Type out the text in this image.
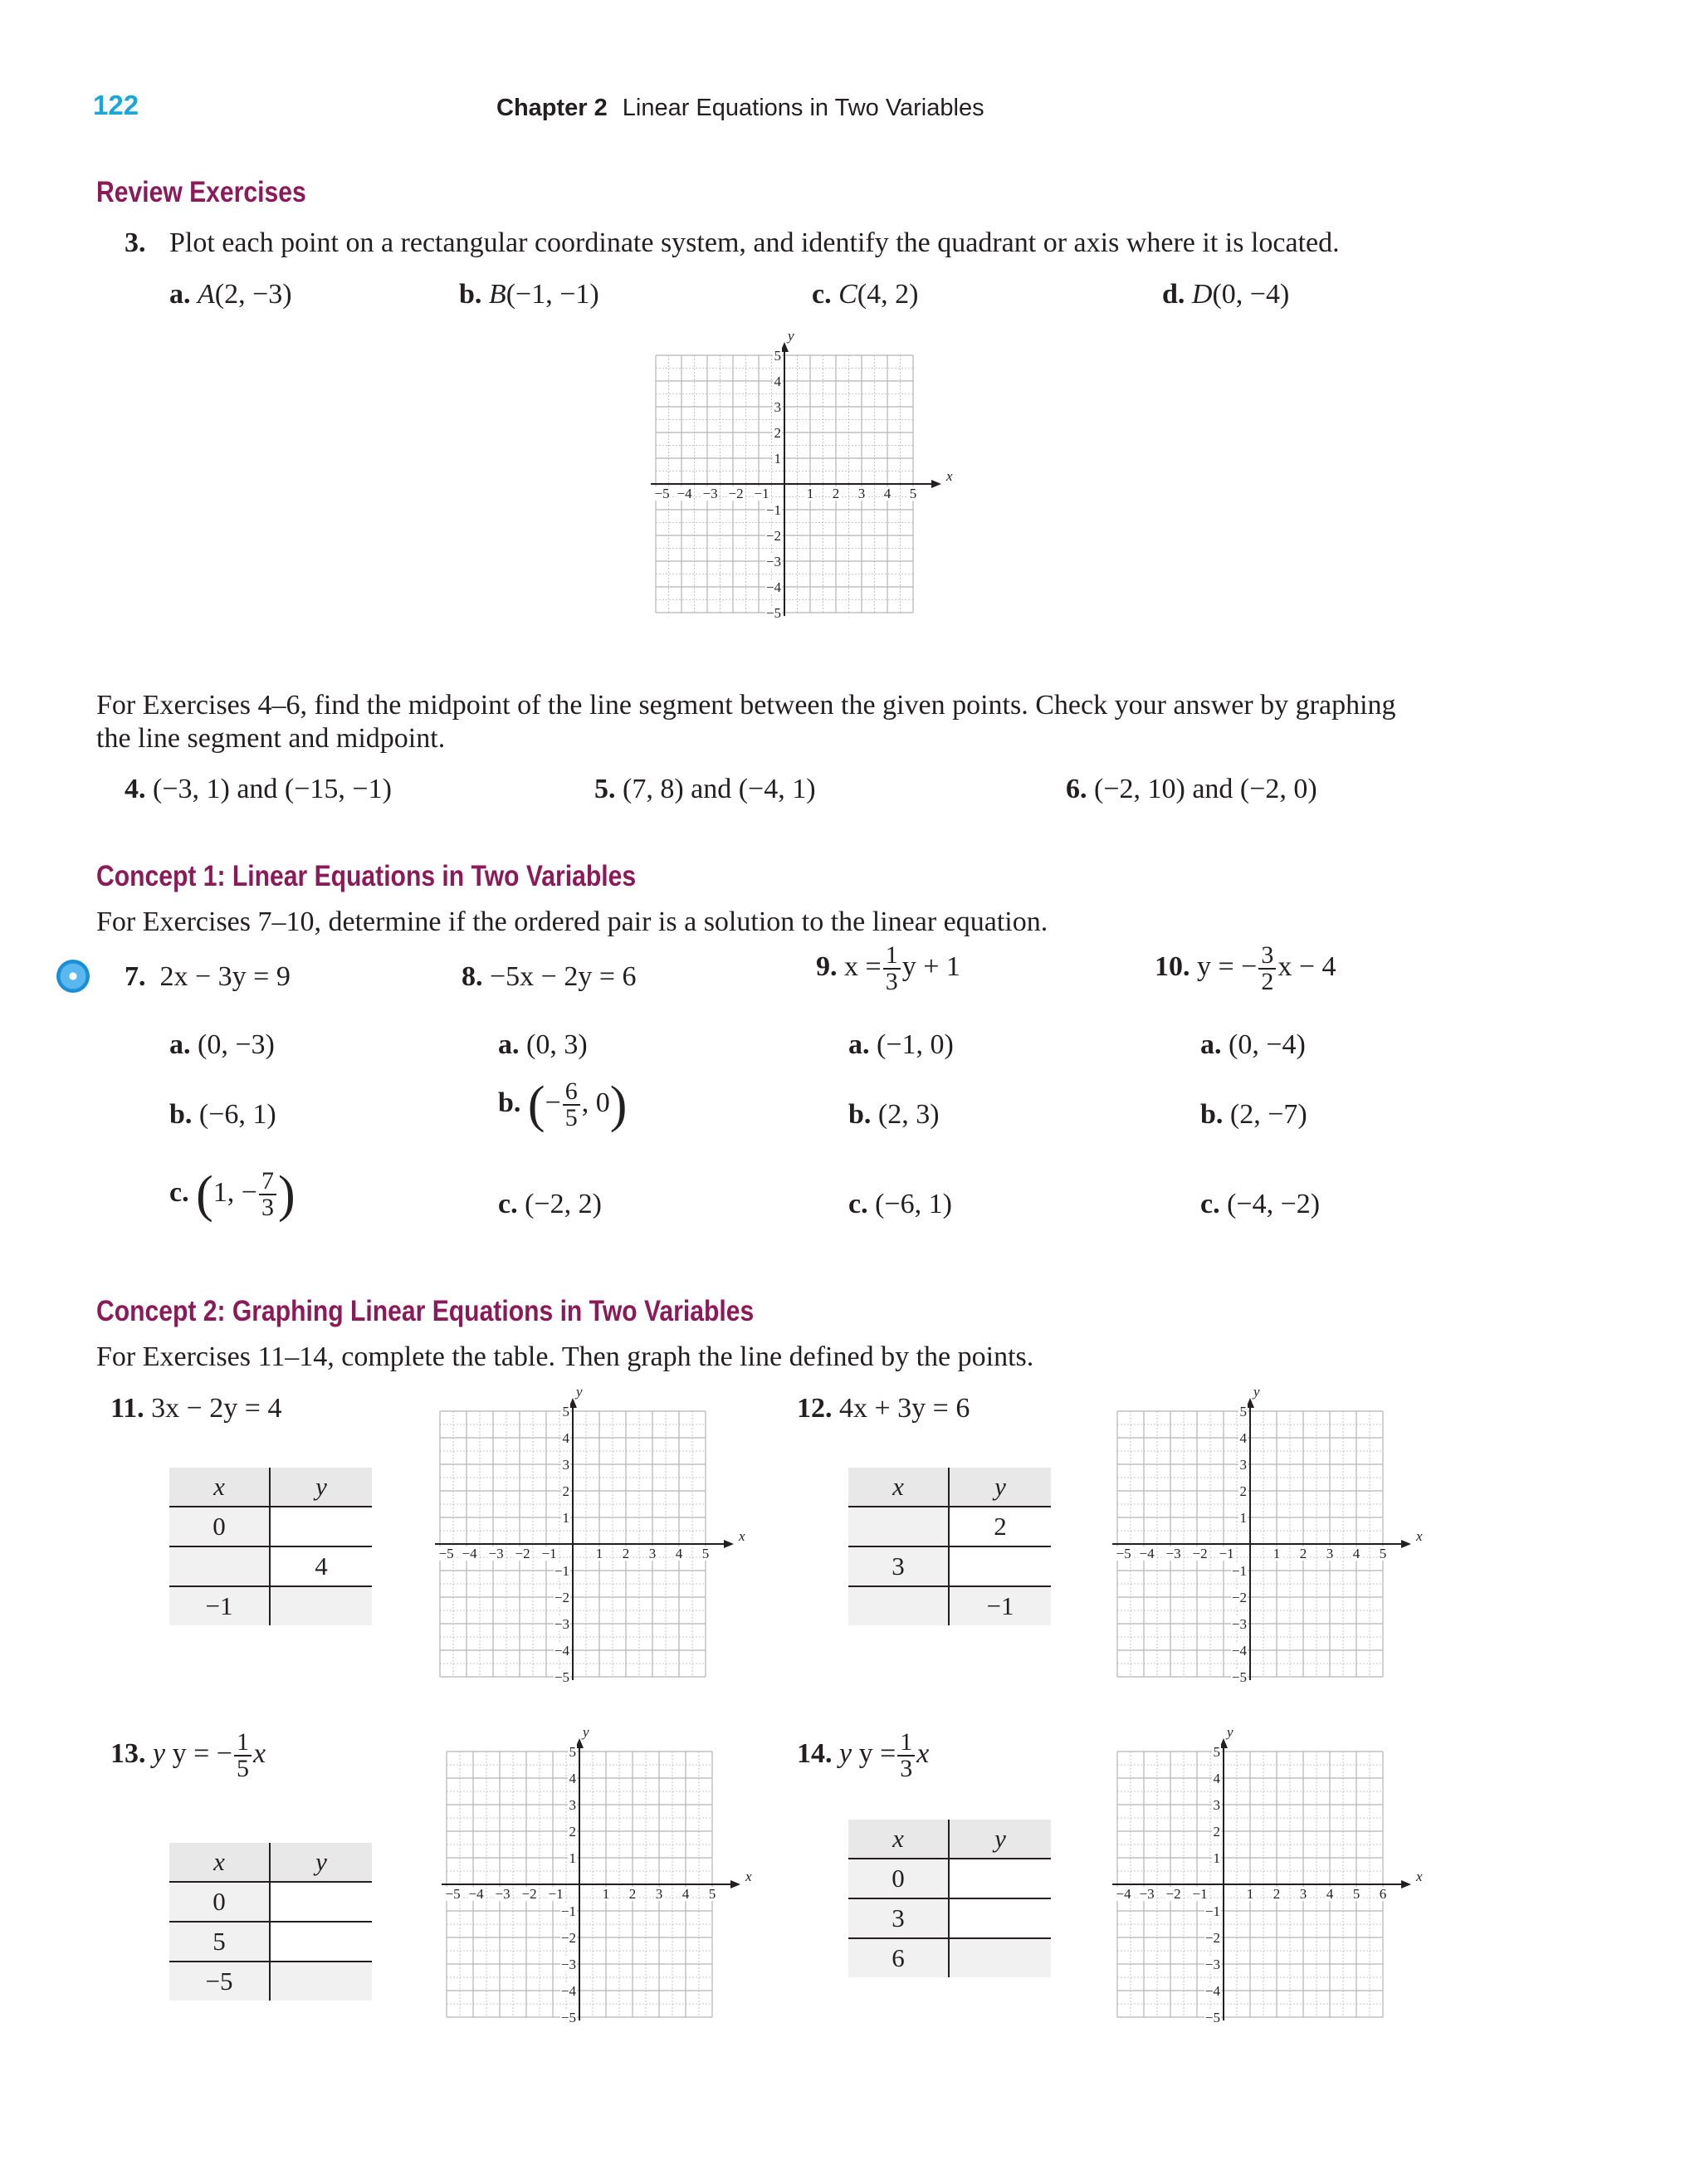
122	Chapter 2 Linear Equations in Two Variables
Review Exercises
3. Plot each point on a rectangular coordinate system, and identify the quadrant or axis where it is located.
a. A(2, −3)	b. B(−1, −1)	c. C(4, 2)	d. D(0, −4)
x
y
−5 −4 −3 −2 −1	1 2 3 4 5
5
4
3
2
1
−1
−2
−3
−4
−5
For Exercises 4–6, find the midpoint of the line segment between the given points. Check your answer by graphing the line segment and midpoint.
4. (−3, 1) and (−15, −1)	5. (7, 8) and (−4, 1)	6. (−2, 10) and (−2, 0)
Concept 1: Linear Equations in Two Variables
For Exercises 7–10, determine if the ordered pair is a solution to the linear equation.
7. 2x − 3y = 9	8. −5x − 2y = 6	9. $x = \frac{1}{3}$ y + 1	10. y = − $\frac{3}{2}$ x − 4
a. (0, −3)	a. (0, 3)	a. (−1, 0)	a. (0, −4)
b. (−6, 1)	b. (− $\frac{6}{5}$ , 0)	b. (2, 3)	b. (2, −7)
c. (1, − $\frac{7}{3}$ )	c. (−2, 2)	c. (−6, 1)	c. (−4, −2)
Concept 2: Graphing Linear Equations in Two Variables
For Exercises 11–14, complete the table. Then graph the line defined by the points.
11. 3x − 2y = 4	12. 4x + 3y = 6
x	y
0	
	4
−1	
x	y
	2
3	
	−1
x
y
−5 −4 −3 −2 −1	1 2 3 4 5
5
4
3
2
1
−1
−2
−3
−4
−5
x
y
−5 −4 −3 −2 −1	1 2 3 4 5
5
4
3
2
1
−1
−2
−3
−4
−5
13. y y = − $\frac{1}{5}$ x	14. y $y = \frac{1}{3}$ x
x	y
0	
5	
−5	
x	y
0	
3	
6	
x
y
−5 −4 −3 −2 −1	1 2 3 4 5
5
4
3
2
1
−1
−2
−3
−4
−5
x
y
−4 −3 −2 −1	1 2 3 4 5 6
5
4
3
2
1
−1
−2
−3
−4
−5
